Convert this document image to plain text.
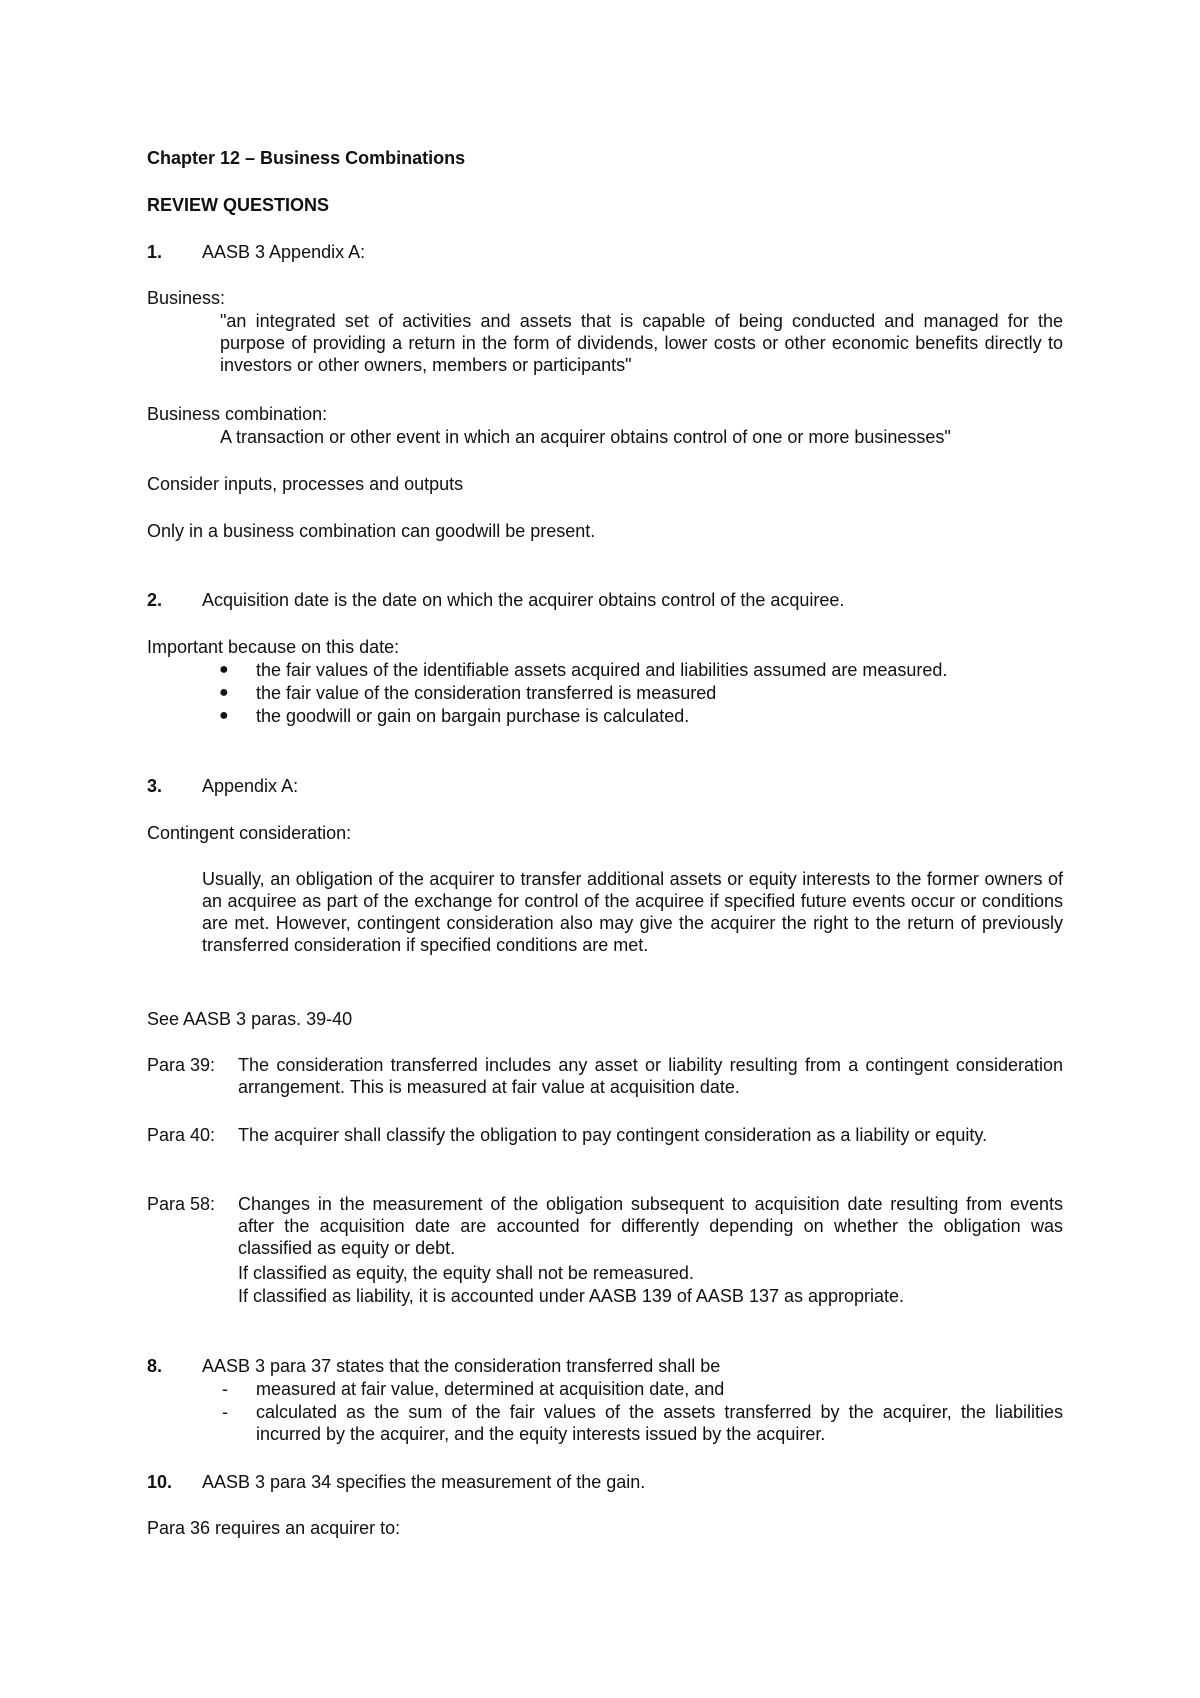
Chapter 12 – Business Combinations
REVIEW QUESTIONS
1. AASB 3 Appendix A:
Business:
"an integrated set of activities and assets that is capable of being conducted and managed for the purpose of providing a return in the form of dividends, lower costs or other economic benefits directly to investors or other owners, members or participants"
Business combination:
A transaction or other event in which an acquirer obtains control of one or more businesses"
Consider inputs, processes and outputs
Only in a business combination can goodwill be present.
2. Acquisition date is the date on which the acquirer obtains control of the acquiree.
Important because on this date:
● the fair values of the identifiable assets acquired and liabilities assumed are measured.
● the fair value of the consideration transferred is measured
● the goodwill or gain on bargain purchase is calculated.
3. Appendix A:
Contingent consideration:
Usually, an obligation of the acquirer to transfer additional assets or equity interests to the former owners of an acquiree as part of the exchange for control of the acquiree if specified future events occur or conditions are met. However, contingent consideration also may give the acquirer the right to the return of previously transferred consideration if specified conditions are met.
See AASB 3 paras. 39-40
Para 39: The consideration transferred includes any asset or liability resulting from a contingent consideration arrangement. This is measured at fair value at acquisition date.
Para 40: The acquirer shall classify the obligation to pay contingent consideration as a liability or equity.
Para 58: Changes in the measurement of the obligation subsequent to acquisition date resulting from events after the acquisition date are accounted for differently depending on whether the obligation was classified as equity or debt.
If classified as equity, the equity shall not be remeasured.
If classified as liability, it is accounted under AASB 139 of AASB 137 as appropriate.
8. AASB 3 para 37 states that the consideration transferred shall be
- measured at fair value, determined at acquisition date, and
- calculated as the sum of the fair values of the assets transferred by the acquirer, the liabilities incurred by the acquirer, and the equity interests issued by the acquirer.
10. AASB 3 para 34 specifies the measurement of the gain.
Para 36 requires an acquirer to:
